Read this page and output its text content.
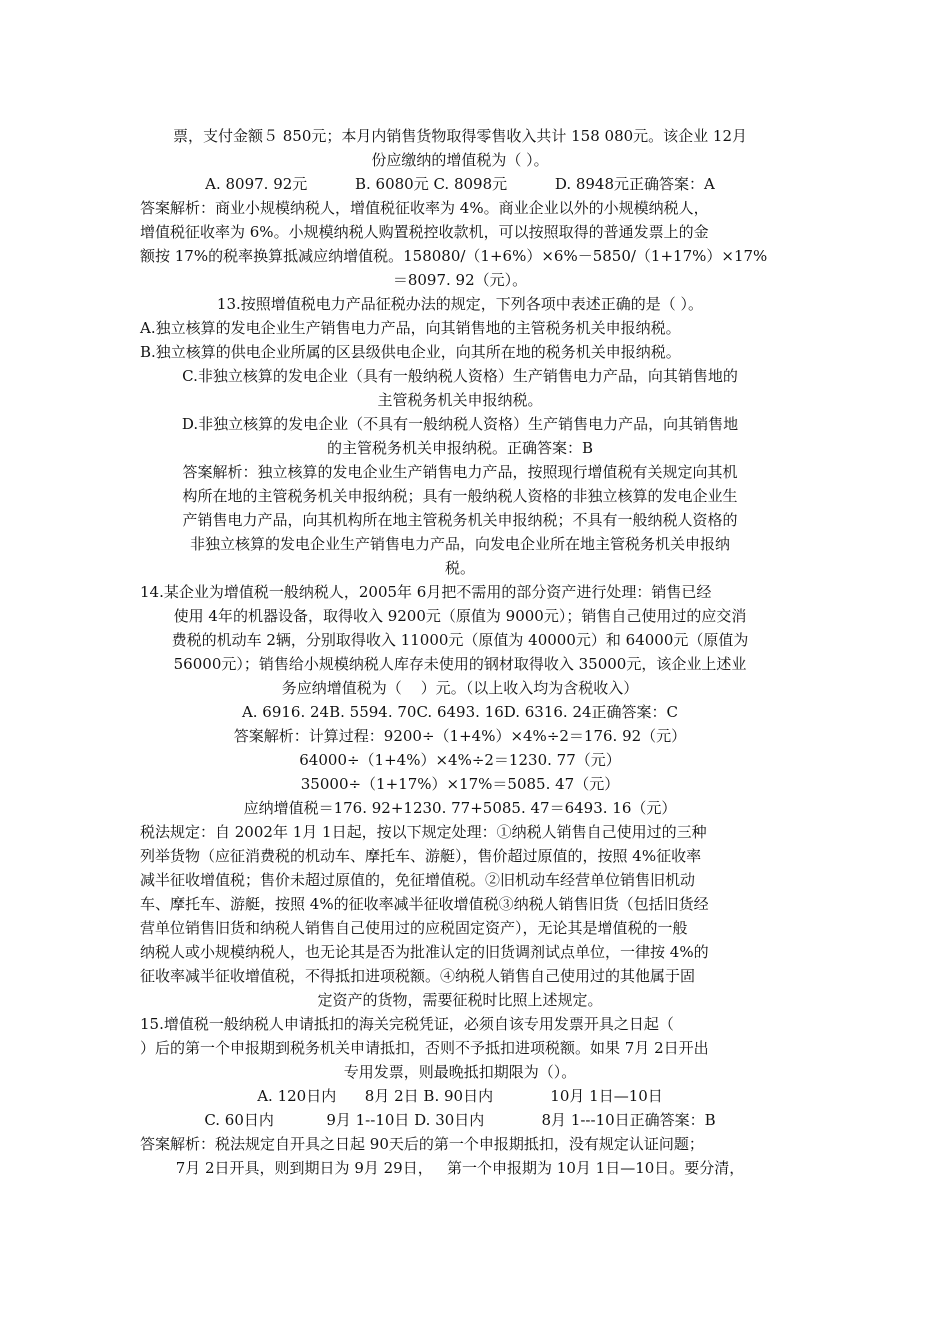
票，支付金额５ 850元；本月内销售货物取得零售收入共计 158 080元。该企业 12月
份应缴纳的增值税为（ ）。
A. 8097. 92元          B. 6080元 C. 8098元          D. 8948元正确答案：A
答案解析：商业小规模纳税人，增值税征收率为 4%。商业企业以外的小规模纳税人，
增值税征收率为 6%。小规模纳税人购置税控收款机，可以按照取得的普通发票上的金
额按 17%的税率换算抵减应纳增值税。158080/（1+6%）×6%－5850/（1+17%）×17%
＝8097. 92（元）。
13.按照增值税电力产品征税办法的规定，下列各项中表述正确的是（ ）。
A.独立核算的发电企业生产销售电力产品，向其销售地的主管税务机关申报纳税。
B.独立核算的供电企业所属的区县级供电企业，向其所在地的税务机关申报纳税。
C.非独立核算的发电企业（具有一般纳税人资格）生产销售电力产品，向其销售地的
主管税务机关申报纳税。
D.非独立核算的发电企业（不具有一般纳税人资格）生产销售电力产品，向其销售地
的主管税务机关申报纳税。正确答案：B
答案解析：独立核算的发电企业生产销售电力产品，按照现行增值税有关规定向其机
构所在地的主管税务机关申报纳税；具有一般纳税人资格的非独立核算的发电企业生
产销售电力产品，向其机构所在地主管税务机关申报纳税；不具有一般纳税人资格的
非独立核算的发电企业生产销售电力产品，向发电企业所在地主管税务机关申报纳
税。
14.某企业为增值税一般纳税人，2005年 6月把不需用的部分资产进行处理：销售已经
使用 4年的机器设备，取得收入 9200元（原值为 9000元）；销售自己使用过的应交消
费税的机动车 2辆，分别取得收入 11000元（原值为 40000元）和 64000元（原值为
56000元）；销售给小规模纳税人库存未使用的钢材取得收入 35000元，该企业上述业
务应纳增值税为（    ）元。（以上收入均为含税收入）
A. 6916. 24B. 5594. 70C. 6493. 16D. 6316. 24正确答案：C
答案解析：计算过程：9200÷（1+4%）×4%÷2＝176. 92（元）
64000÷（1+4%）×4%÷2＝1230. 77（元）
35000÷（1+17%）×17%＝5085. 47（元）
应纳增值税＝176. 92+1230. 77+5085. 47＝6493. 16（元）
税法规定：自 2002年 1月 1日起，按以下规定处理：①纳税人销售自己使用过的三种
列举货物（应征消费税的机动车、摩托车、游艇），售价超过原值的，按照 4%征收率
减半征收增值税；售价未超过原值的，免征增值税。②旧机动车经营单位销售旧机动
车、摩托车、游艇，按照 4%的征收率减半征收增值税③纳税人销售旧货（包括旧货经
营单位销售旧货和纳税人销售自己使用过的应税固定资产），无论其是增值税的一般
纳税人或小规模纳税人，也无论其是否为批准认定的旧货调剂试点单位，一律按 4%的
征收率减半征收增值税，不得抵扣进项税额。④纳税人销售自己使用过的其他属于固
定资产的货物，需要征税时比照上述规定。
15.增值税一般纳税人申请抵扣的海关完税凭证，必须自该专用发票开具之日起（
）后的第一个申报期到税务机关申请抵扣，否则不予抵扣进项税额。如果 7月 2日开出
专用发票，则最晚抵扣期限为（）。
A. 120日内      8月 2日 B. 90日内            10月 1日—10日
C. 60日内           9月 1--10日 D. 30日内            8月 1---10日正确答案：B
答案解析：税法规定自开具之日起 90天后的第一个申报期抵扣，没有规定认证问题；
7月 2日开具，则到期日为 9月 29日，   第一个申报期为 10月 1日—10日。要分清，
